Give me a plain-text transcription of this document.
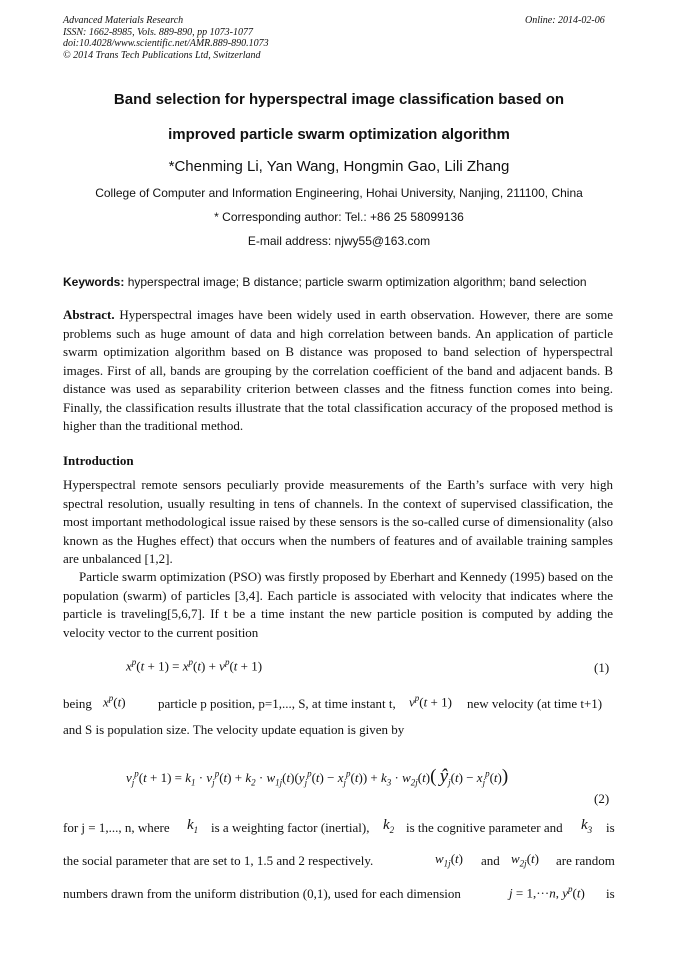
Advanced Materials Research
ISSN: 1662-8985, Vols. 889-890, pp 1073-1077
doi:10.4028/www.scientific.net/AMR.889-890.1073
© 2014 Trans Tech Publications Ltd, Switzerland
Online: 2014-02-06
Band selection for hyperspectral image classification based on
improved particle swarm optimization algorithm
*Chenming Li, Yan Wang, Hongmin Gao, Lili Zhang
College of Computer and Information Engineering, Hohai University, Nanjing, 211100, China
* Corresponding author: Tel.: +86 25 58099136
E-mail address: njwy55@163.com
Keywords: hyperspectral image; B distance; particle swarm optimization algorithm; band selection

Abstract. Hyperspectral images have been widely used in earth observation. However, there are some problems such as huge amount of data and high correlation between bands. An application of particle swarm optimization algorithm based on B distance was proposed to band selection of hyperspectral images. First of all, bands are grouping by the correlation coefficient of the band and adjacent bands. B distance was used as separability criterion between classes and the fitness function comes into being. Finally, the classification results illustrate that the total classification accuracy of the proposed method is higher than the traditional method.

Introduction

Hyperspectral remote sensors peculiarly provide measurements of the Earth’s surface with very high spectral resolution, usually resulting in tens of channels. In the context of supervised classification, the most important methodological issue raised by these sensors is the so-called curse of dimensionality (also known as the Hughes effect) that occurs when the numbers of features and of available training samples are unbalanced [1,2].

Particle swarm optimization (PSO) was firstly proposed by Eberhart and Kennedy (1995) based on the population (swarm) of particles [3,4]. Each particle is associated with velocity that indicates where the particle is traveling[5,6,7]. If t be a time instant the new particle position is computed by adding the velocity vector to the current position

$x^p(t + 1) = x^p(t) + v^p(t + 1)$	(1)
being $x^p(t)$ particle p position, p=1,..., S, at time instant t, $v^p(t + 1)$ new velocity (at time t+1)
and S is population size. The velocity update equation is given by
$v_j^p(t + 1) = k_1 \cdot v_j^p(t) + k_2 \cdot w_{1j}(t)(y_j^p(t) - x_j^p(t)) + k_3 \cdot w_{2j}(t)$( $ŷ_j(t) - x_j^p(t)$)
(2)
for j = 1,..., n, where $k_1$ is a weighting factor (inertial), $k_2$ is the cognitive parameter and $k_3$ is
the social parameter that are set to 1, 1.5 and 2 respectively.	$w_{1j}(t)$ and $w_{2j}(t)$ are random
numbers drawn from the uniform distribution (0,1), used for each dimension	j = 1,···n, $y^p(t)$ is
